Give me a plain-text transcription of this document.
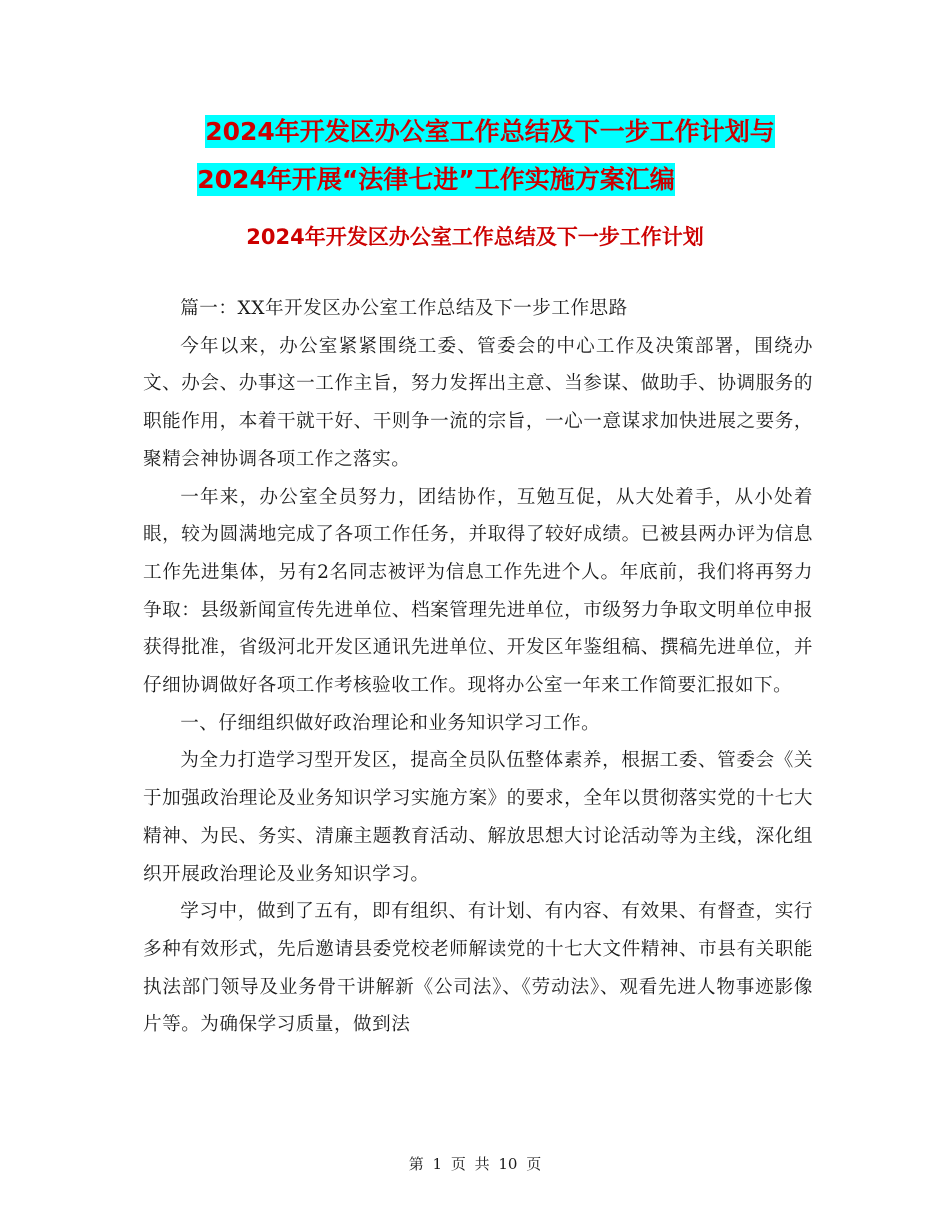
2024年开发区办公室工作总结及下一步工作计划与
2024年开展“法律七进”工作实施方案汇编
2024年开发区办公室工作总结及下一步工作计划

篇一：XX年开发区办公室工作总结及下一步工作思路

今年以来，办公室紧紧围绕工委、管委会的中心工作及决策部署，围绕办文、办会、办事这一工作主旨，努力发挥出主意、当参谋、做助手、协调服务的职能作用，本着干就干好、干则争一流的宗旨，一心一意谋求加快进展之要务，聚精会神协调各项工作之落实。

一年来，办公室全员努力，团结协作，互勉互促，从大处着手，从小处着眼，较为圆满地完成了各项工作任务，并取得了较好成绩。已被县两办评为信息工作先进集体，另有2名同志被评为信息工作先进个人。年底前，我们将再努力争取：县级新闻宣传先进单位、档案管理先进单位，市级努力争取文明单位申报获得批准，省级河北开发区通讯先进单位、开发区年鉴组稿、撰稿先进单位，并仔细协调做好各项工作考核验收工作。现将办公室一年来工作简要汇报如下。

一、仔细组织做好政治理论和业务知识学习工作。

为全力打造学习型开发区，提高全员队伍整体素养，根据工委、管委会《关于加强政治理论及业务知识学习实施方案》的要求，全年以贯彻落实党的十七大精神、为民、务实、清廉主题教育活动、解放思想大讨论活动等为主线，深化组织开展政治理论及业务知识学习。

学习中，做到了五有，即有组织、有计划、有内容、有效果、有督查，实行多种有效形式，先后邀请县委党校老师解读党的十七大文件精神、市县有关职能执法部门领导及业务骨干讲解新《公司法》、《劳动法》、观看先进人物事迹影像片等。为确保学习质量，做到法

第 1 页 共 10 页
